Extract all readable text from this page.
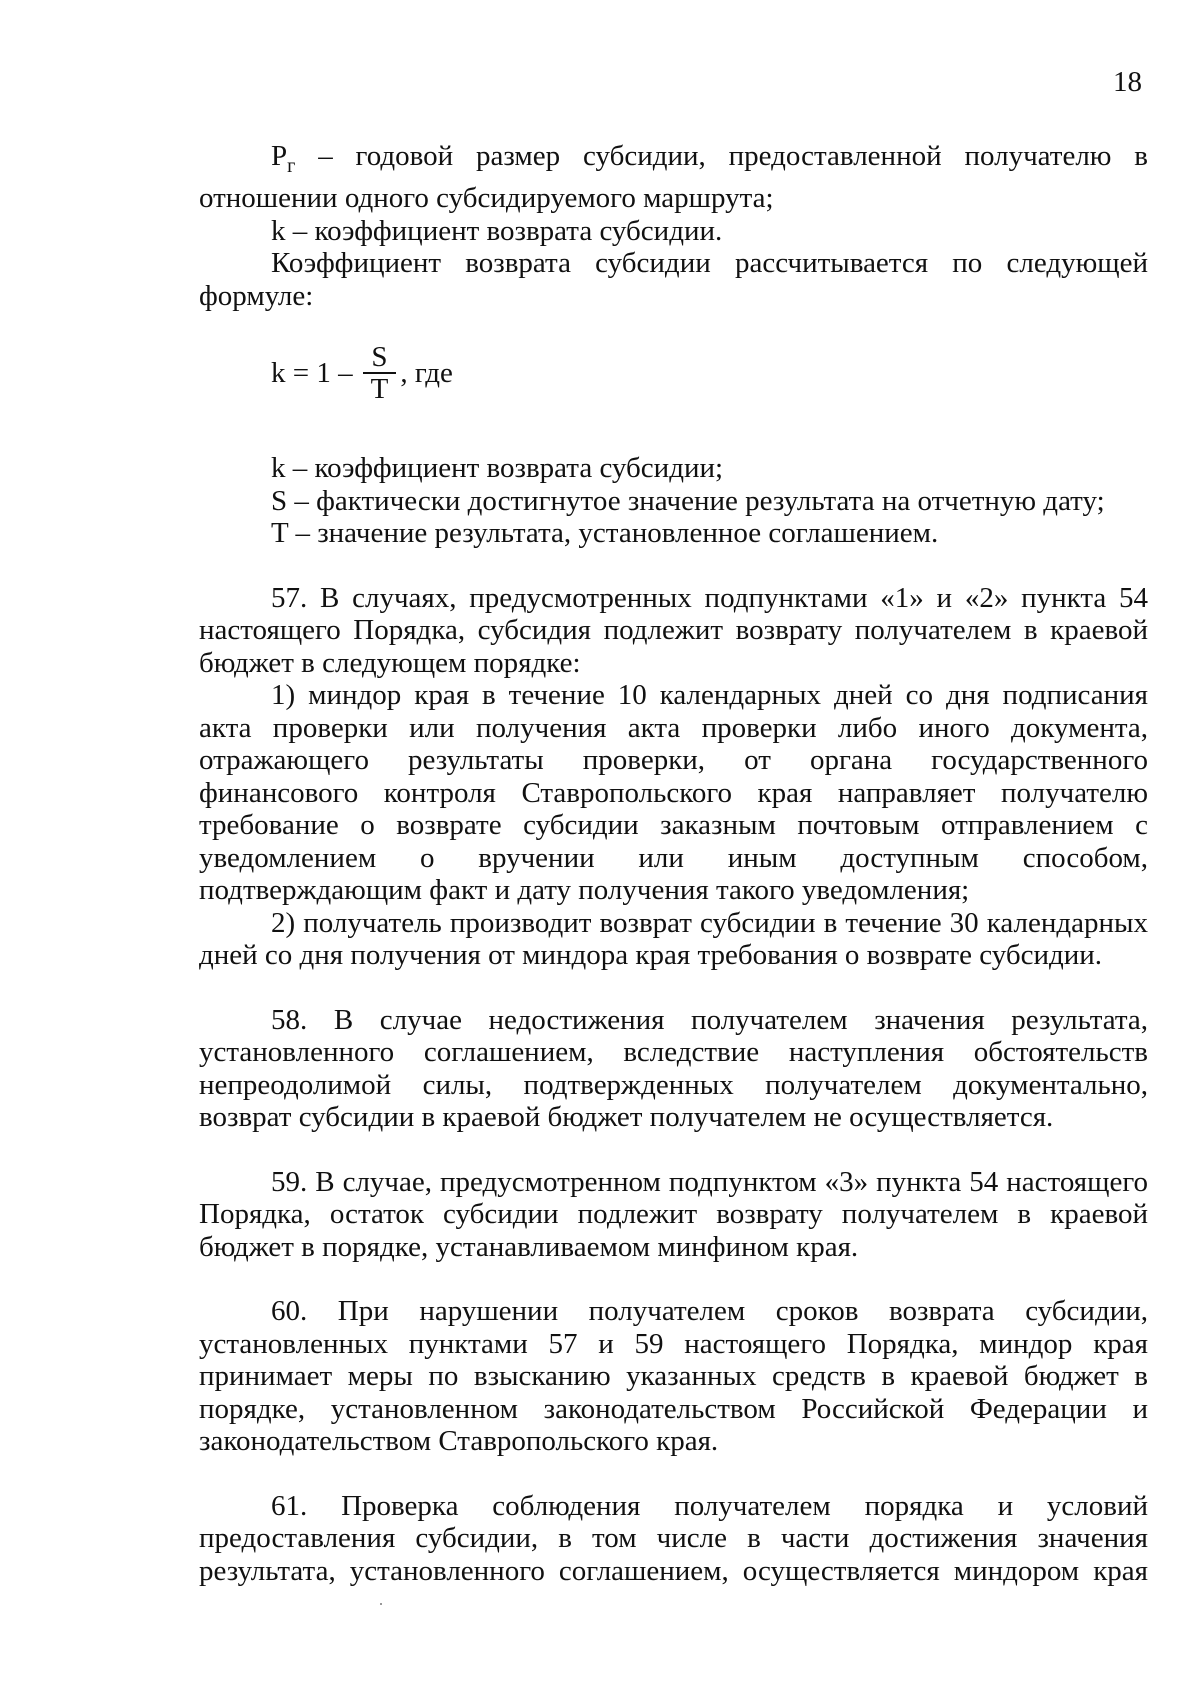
18

$Р_г$ – годовой размер субсидии, предоставленной получателю в отношении одного субсидируемого маршрута;

k – коэффициент возврата субсидии.

Коэффициент возврата субсидии рассчитывается по следующей формуле:

$k = 1 - \frac{S}{T}$ , где

k – коэффициент возврата субсидии;

S – фактически достигнутое значение результата на отчетную дату;

T – значение результата, установленное соглашением.

57. В случаях, предусмотренных подпунктами «1» и «2» пункта 54 настоящего Порядка, субсидия подлежит возврату получателем в краевой бюджет в следующем порядке:

1) миндор края в течение 10 календарных дней со дня подписания акта проверки или получения акта проверки либо иного документа, отражающего результаты проверки, от органа государственного финансового контроля Ставропольского края направляет получателю требование о возврате субсидии заказным почтовым отправлением с уведомлением о вручении или иным доступным способом, подтверждающим факт и дату получения такого уведомления;

2) получатель производит возврат субсидии в течение 30 календарных дней со дня получения от миндора края требования о возврате субсидии.

58. В случае недостижения получателем значения результата, установленного соглашением, вследствие наступления обстоятельств непреодолимой силы, подтвержденных получателем документально, возврат субсидии в краевой бюджет получателем не осуществляется.

59. В случае, предусмотренном подпунктом «3» пункта 54 настоящего Порядка, остаток субсидии подлежит возврату получателем в краевой бюджет в порядке, устанавливаемом минфином края.

60. При нарушении получателем сроков возврата субсидии, установленных пунктами 57 и 59 настоящего Порядка, миндор края принимает меры по взысканию указанных средств в краевой бюджет в порядке, установленном законодательством Российской Федерации и законодательством Ставропольского края.

61. Проверка соблюдения получателем порядка и условий предоставления субсидии, в том числе в части достижения значения результата, установленного соглашением, осуществляется миндором края
